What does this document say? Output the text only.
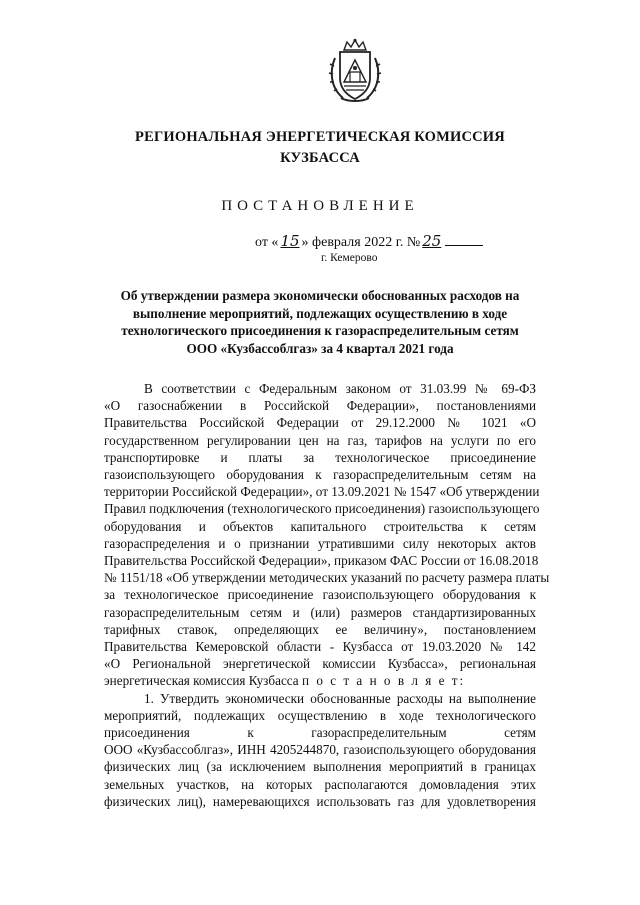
РЕГИОНАЛЬНАЯ ЭНЕРГЕТИЧЕСКАЯ КОМИССИЯ
КУЗБАССА
ПОСТАНОВЛЕНИЕ
от « 15 » февраля 2022 г. № 25
г. Кемерово
Об утверждении размера экономически обоснованных расходов на
выполнение мероприятий, подлежащих осуществлению в ходе
технологического присоединения к газораспределительным сетям
ООО «Кузбассоблгаз» за 4 квартал 2021 года
В соответствии с Федеральным законом от 31.03.99 № 69-ФЗ
«О газоснабжении в Российской Федерации», постановлениями
Правительства Российской Федерации от 29.12.2000 № 1021 «О
государственном регулировании цен на газ, тарифов на услуги по его
транспортировке и платы за технологическое присоединение
газоиспользующего оборудования к газораспределительным сетям на
территории Российской Федерации», от 13.09.2021 № 1547 «Об утверждении
Правил подключения (технологического присоединения) газоиспользующего
оборудования и объектов капитального строительства к сетям
газораспределения и о признании утратившими силу некоторых актов
Правительства Российской Федерации», приказом ФАС России от 16.08.2018
№ 1151/18 «Об утверждении методических указаний по расчету размера платы
за технологическое присоединение газоиспользующего оборудования к
газораспределительным сетям и (или) размеров стандартизированных
тарифных ставок, определяющих ее величину», постановлением
Правительства Кемеровской области - Кузбасса от 19.03.2020 № 142
«О Региональной энергетической комиссии Кузбасса», региональная
энергетическая комиссия Кузбасса п о с т а н о в л я е т:
1. Утвердить экономически обоснованные расходы на выполнение
мероприятий, подлежащих осуществлению в ходе технологического
присоединения к газораспределительным сетям
ООО «Кузбассоблгаз», ИНН 4205244870, газоиспользующего оборудования
физических лиц (за исключением выполнения мероприятий в границах
земельных участков, на которых располагаются домовладения этих
физических лиц), намеревающихся использовать газ для удовлетворения
